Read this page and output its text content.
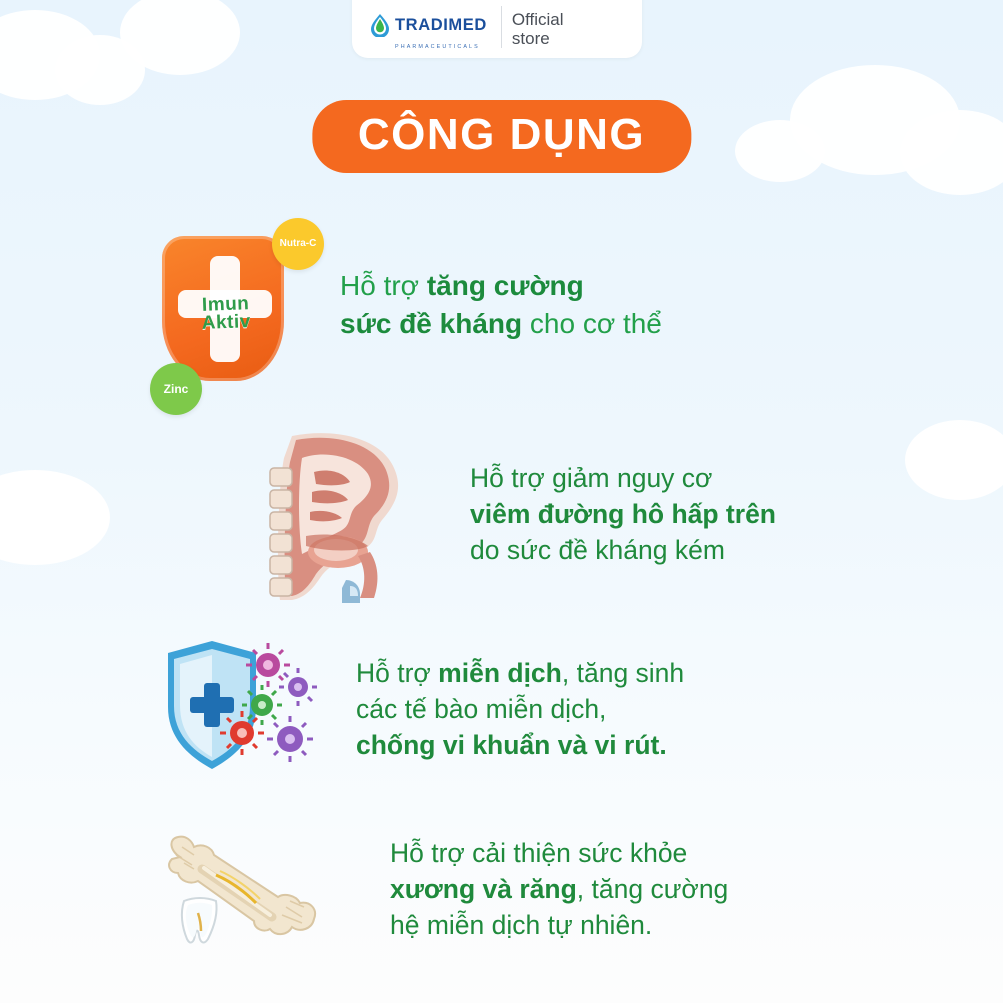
TRADIMED
PHARMACEUTICALS
Official
store
CÔNG DỤNG
Imun
Aktiv
Nutra-C
Zinc
Hỗ trợ tăng cường
sức đề kháng cho cơ thể
Hỗ trợ giảm nguy cơ
viêm đường hô hấp trên
do sức đề kháng kém
Hỗ trợ miễn dịch, tăng sinh
các tế bào miễn dịch,
chống vi khuẩn và vi rút.
Hỗ trợ cải thiện sức khỏe
xương và răng, tăng cường
hệ miễn dịch tự nhiên.
